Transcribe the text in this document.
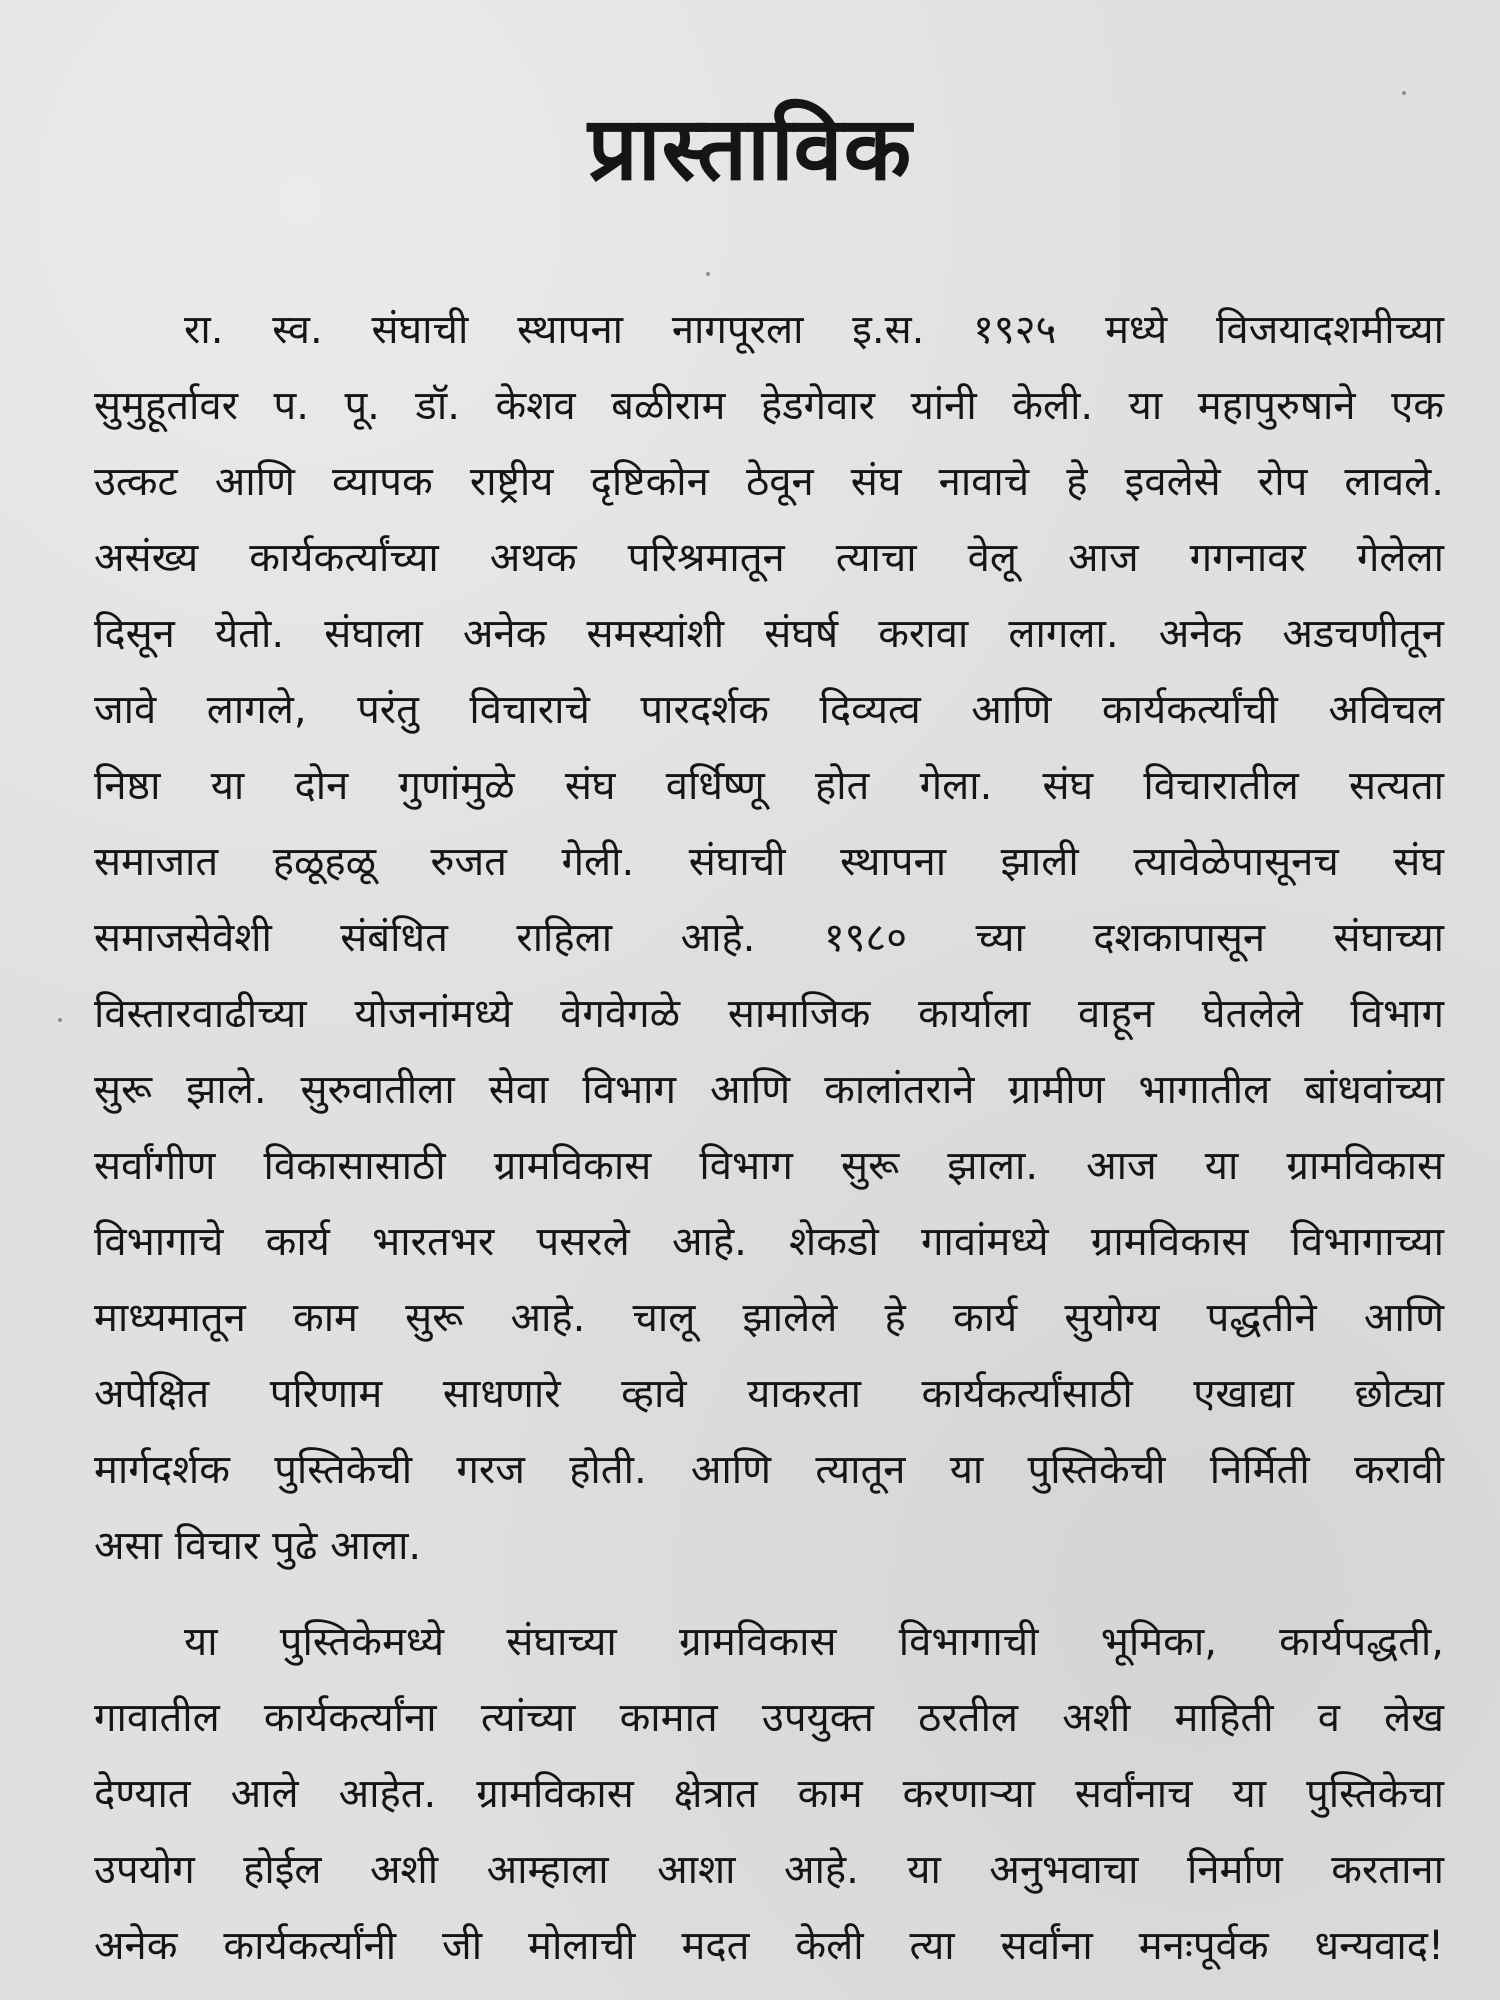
प्रास्ताविक
रा. स्व. संघाची स्थापना नागपूरला इ.स. १९२५ मध्ये विजयादशमीच्या
सुमुहूर्तावर प. पू. डॉ. केशव बळीराम हेडगेवार यांनी केली. या महापुरुषाने एक
उत्कट आणि व्यापक राष्ट्रीय दृष्टिकोन ठेवून संघ नावाचे हे इवलेसे रोप लावले.
असंख्य कार्यकर्त्यांच्या अथक परिश्रमातून त्याचा वेलू आज गगनावर गेलेला
दिसून येतो. संघाला अनेक समस्यांशी संघर्ष करावा लागला. अनेक अडचणीतून
जावे लागले, परंतु विचाराचे पारदर्शक दिव्यत्व आणि कार्यकर्त्यांची अविचल
निष्ठा या दोन गुणांमुळे संघ वर्धिष्णू होत गेला. संघ विचारातील सत्यता
समाजात हळूहळू रुजत गेली. संघाची स्थापना झाली त्यावेळेपासूनच संघ
समाजसेवेशी संबंधित राहिला आहे. १९८० च्या दशकापासून संघाच्या
विस्तारवाढीच्या योजनांमध्ये वेगवेगळे सामाजिक कार्याला वाहून घेतलेले विभाग
सुरू झाले. सुरुवातीला सेवा विभाग आणि कालांतराने ग्रामीण भागातील बांधवांच्या
सर्वांगीण विकासासाठी ग्रामविकास विभाग सुरू झाला. आज या ग्रामविकास
विभागाचे कार्य भारतभर पसरले आहे. शेकडो गावांमध्ये ग्रामविकास विभागाच्या
माध्यमातून काम सुरू आहे. चालू झालेले हे कार्य सुयोग्य पद्धतीने आणि
अपेक्षित परिणाम साधणारे व्हावे याकरता कार्यकर्त्यांसाठी एखाद्या छोट्या
मार्गदर्शक पुस्तिकेची गरज होती. आणि त्यातून या पुस्तिकेची निर्मिती करावी
असा विचार पुढे आला.
या पुस्तिकेमध्ये संघाच्या ग्रामविकास विभागाची भूमिका, कार्यपद्धती,
गावातील कार्यकर्त्यांना त्यांच्या कामात उपयुक्त ठरतील अशी माहिती व लेख
देण्यात आले आहेत. ग्रामविकास क्षेत्रात काम करणाऱ्या सर्वांनाच या पुस्तिकेचा
उपयोग होईल अशी आम्हाला आशा आहे. या अनुभवाचा निर्माण करताना
अनेक कार्यकर्त्यांनी जी मोलाची मदत केली त्या सर्वांना मनःपूर्वक धन्यवाद!
